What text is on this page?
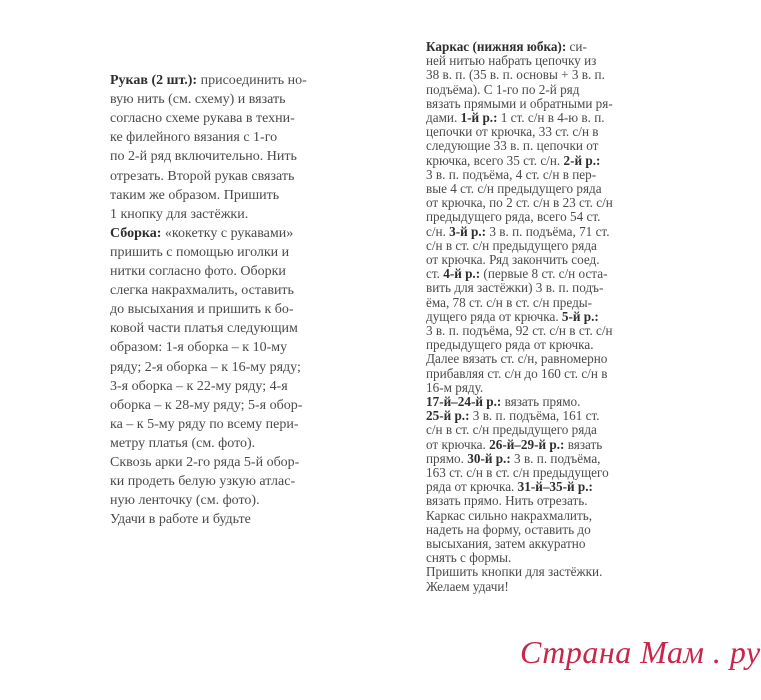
Рукав (2 шт.): присоединить но-
вую нить (см. схему) и вязать
согласно схеме рукава в техни-
ке филейного вязания с 1-го
по 2-й ряд включительно. Нить
отрезать. Второй рукав связать
таким же образом. Пришить
1 кнопку для застёжки.
Сборка: «кокетку с рукавами»
пришить с помощью иголки и
нитки согласно фото. Оборки
слегка накрахмалить, оставить
до высыхания и пришить к бо-
ковой части платья следующим
образом: 1-я оборка – к 10-му
ряду; 2-я оборка – к 16-му ряду;
3-я оборка – к 22-му ряду; 4-я
оборка – к 28-му ряду; 5-я обор-
ка – к 5-му ряду по всему пери-
метру платья (см. фото).
Сквозь арки 2-го ряда 5-й обор-
ки продеть белую узкую атлас-
ную ленточку (см. фото).
Удачи в работе и будьте
Каркас (нижняя юбка): си-
ней нитью набрать цепочку из
38 в. п. (35 в. п. основы + 3 в. п.
подъёма). С 1-го по 2-й ряд
вязать прямыми и обратными ря-
дами. 1-й р.: 1 ст. с/н в 4-ю в. п.
цепочки от крючка, 33 ст. с/н в
следующие 33 в. п. цепочки от
крючка, всего 35 ст. с/н. 2-й р.:
3 в. п. подъёма, 4 ст. с/н в пер-
вые 4 ст. с/н предыдущего ряда
от крючка, по 2 ст. с/н в 23 ст. с/н
предыдущего ряда, всего 54 ст.
с/н. 3-й р.: 3 в. п. подъёма, 71 ст.
с/н в ст. с/н предыдущего ряда
от крючка. Ряд закончить соед.
ст. 4-й р.: (первые 8 ст. с/н оста-
вить для застёжки) 3 в. п. подъ-
ёма, 78 ст. с/н в ст. с/н преды-
дущего ряда от крючка. 5-й р.:
3 в. п. подъёма, 92 ст. с/н в ст. с/н
предыдущего ряда от крючка.
Далее вязать ст. с/н, равномерно
прибавляя ст. с/н до 160 ст. с/н в
16-м ряду.
17-й–24-й р.: вязать прямо.
25-й р.: 3 в. п. подъёма, 161 ст.
с/н в ст. с/н предыдущего ряда
от крючка. 26-й–29-й р.: вязать
прямо. 30-й р.: 3 в. п. подъёма,
163 ст. с/н в ст. с/н предыдущего
ряда от крючка. 31-й–35-й р.:
вязать прямо. Нить отрезать.
Каркас сильно накрахмалить,
надеть на форму, оставить до
высыхания, затем аккуратно
снять с формы.
Пришить кнопки для застёжки.
Желаем удачи!
Страна Мам . ру
